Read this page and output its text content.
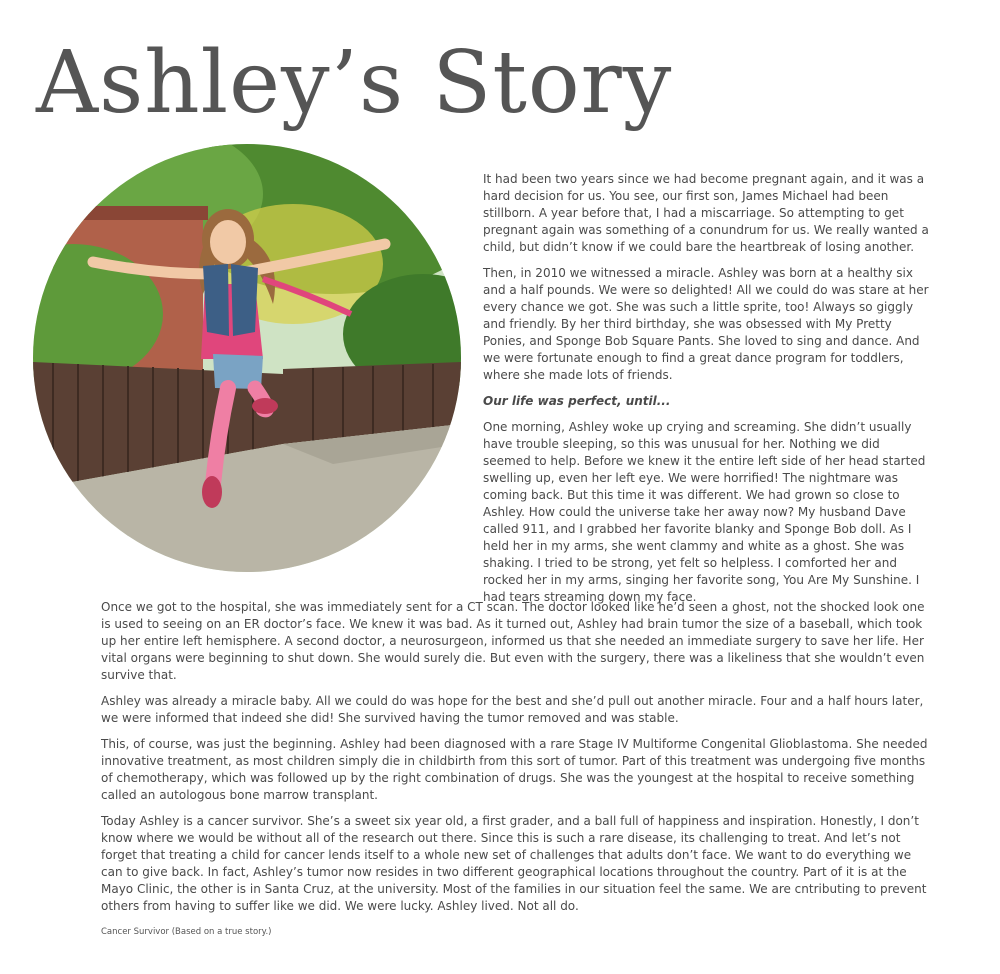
Ashley’s Story

It had been two years since we had become pregnant again, and it was a hard decision for us. You see, our first son, James Michael had been stillborn. A year before that, I had a miscarriage. So attempting to get pregnant again was something of a conundrum for us. We really wanted a child, but didn’t know if we could bare the heartbreak of losing another.

Then, in 2010 we witnessed a miracle. Ashley was born at a healthy six and a half pounds. We were so delighted! All we could do was stare at her every chance we got. She was such a little sprite, too! Always so giggly and friendly. By her third birthday, she was obsessed with My Pretty Ponies, and Sponge Bob Square Pants. She loved to sing and dance. And we were fortunate enough to find a great dance program for toddlers, where she made lots of friends.

Our life was perfect, until...

One morning, Ashley woke up crying and screaming. She didn’t usually have trouble sleeping, so this was unusual for her. Nothing we did seemed to help. Before we knew it the entire left side of her head started swelling up, even her left eye. We were horrified! The nightmare was coming back. But this time it was different. We had grown so close to Ashley. How could the universe take her away now? My husband Dave called 911, and I grabbed her favorite blanky and Sponge Bob doll. As I held her in my arms, she went clammy and white as a ghost. She was shaking. I tried to be strong, yet felt so helpless. I comforted her and rocked her in my arms, singing her favorite song, You Are My Sunshine. I had tears streaming down my face.

Once we got to the hospital, she was immediately sent for a CT scan. The doctor looked like he’d seen a ghost, not the shocked look one is used to seeing on an ER doctor’s face. We knew it was bad. As it turned out, Ashley had brain tumor the size of a baseball, which took up her entire left hemisphere. A second doctor, a neurosurgeon, informed us that she needed an immediate surgery to save her life. Her vital organs were beginning to shut down. She would surely die. But even with the surgery, there was a likeliness that she wouldn’t even survive that.

Ashley was already a miracle baby. All we could do was hope for the best and she’d pull out another miracle. Four and a half hours later, we were informed that indeed she did! She survived having the tumor removed and was stable.

This, of course, was just the beginning. Ashley had been diagnosed with a rare Stage IV Multiforme Congenital Glioblastoma. She needed innovative treatment, as most children simply die in childbirth from this sort of tumor. Part of this treatment was undergoing five months of chemotherapy, which was followed up by the right combination of drugs. She was the youngest at the hospital to receive something called an autologous bone marrow transplant.

Today Ashley is a cancer survivor. She’s a sweet six year old, a first grader, and a ball full of happiness and inspiration. Honestly, I don’t know where we would be without all of the research out there. Since this is such a rare disease, its challenging to treat. And let’s not forget that treating a child for cancer lends itself to a whole new set of challenges that adults don’t face. We want to do everything we can to give back. In fact, Ashley’s tumor now resides in two different geographical locations throughout the country. Part of it is at the Mayo Clinic, the other is in Santa Cruz, at the university. Most of the families in our situation feel the same. We are cntributing to prevent others from having to suffer like we did. We were lucky. Ashley lived. Not all do.

Cancer Survivor (Based on a true story.)
